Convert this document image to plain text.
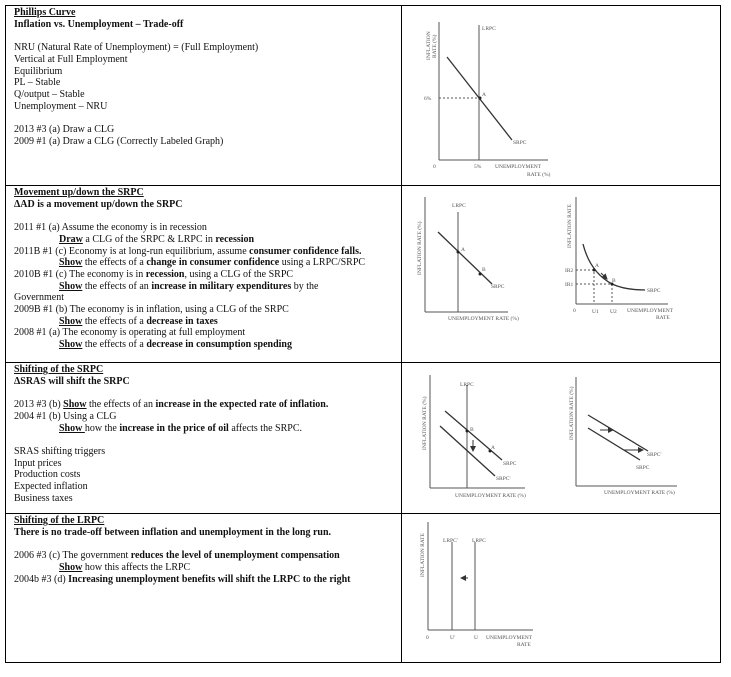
Phillips Curve
Inflation vs. Unemployment – Trade-off
NRU (Natural Rate of Unemployment) = (Full Employment)
Vertical at Full Employment
Equilibrium
PL – Stable
Q/output – Stable
Unemployment – NRU
2013 #3 (a) Draw a CLG
2009 #1 (a) Draw a CLG (Correctly Labeled Graph)
Movement up/down the SRPC
ΔAD is a movement up/down the SRPC
2011 #1 (a) Assume the economy is in recession
Draw a CLG of the SRPC & LRPC in recession
2011B #1 (c) Economy is at long-run equilibrium, assume consumer confidence falls.
Show the effects of a change in consumer confidence using a LRPC/SRPC
2010B #1 (c) The economy is in recession, using a CLG of the SRPC
Show the effects of an increase in military expenditures by the
Government
2009B #1 (b) The economy is in inflation, using a CLG of the SRPC
Show the effects of a decrease in taxes
2008 #1 (a) The economy is operating at full employment
Show the effects of a decrease in consumption spending
Shifting of the SRPC
ΔSRAS will shift the SRPC
2013 #3 (b) Show the effects of an increase in the expected rate of inflation.
2004 #1 (b) Using a CLG
Show how the increase in the price of oil affects the SRPC.
SRAS shifting triggers
Input prices
Production costs
Expected inflation
Business taxes
Shifting of the LRPC
There is no trade-off between inflation and unemployment in the long run.
2006 #3 (c) The government reduces the level of unemployment compensation
Show how this affects the LRPC
2004b #3 (d) Increasing unemployment benefits will shift the LRPC to the right
INFLATION RATE (%)
LRPC
SRPC
A
6%
0	5% UNEMPLOYMENT
RATE (%)
INFLATION RATE (%)
LRPC
A
B
SRPC
UNEMPLOYMENT RATE (%)
INFLATION RATE
IR2
IR1
A
B
SRPC
0	U1 U2 UNEMPLOYMENT
RATE
INFLATION RATE (%)
LRPC
B
A
SRPC
SRPC'
UNEMPLOYMENT RATE (%)
INFLATION RATE (%)
SRPC'
SRPC
UNEMPLOYMENT RATE (%)
INFLATION RATE	LRPC'	LRPC
0	U'	U UNEMPLOYMENT
RATE
